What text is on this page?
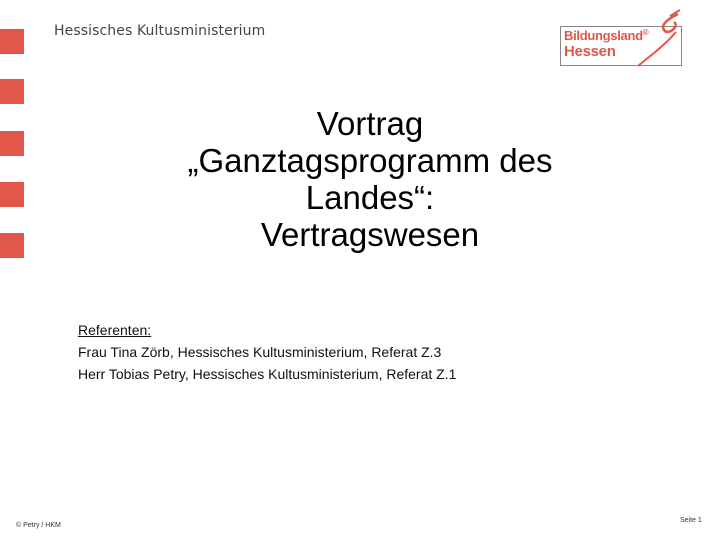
Hessisches Kultusministerium	Bildungsland®
Hessen
Vortrag
„Ganztagsprogramm des
Landes“:
Vertragswesen
Referenten:
Frau Tina Zörb, Hessisches Kultusministerium, Referat Z.3
Herr Tobias Petry, Hessisches Kultusministerium, Referat Z.1
© Petry / HKM
Seite 1
